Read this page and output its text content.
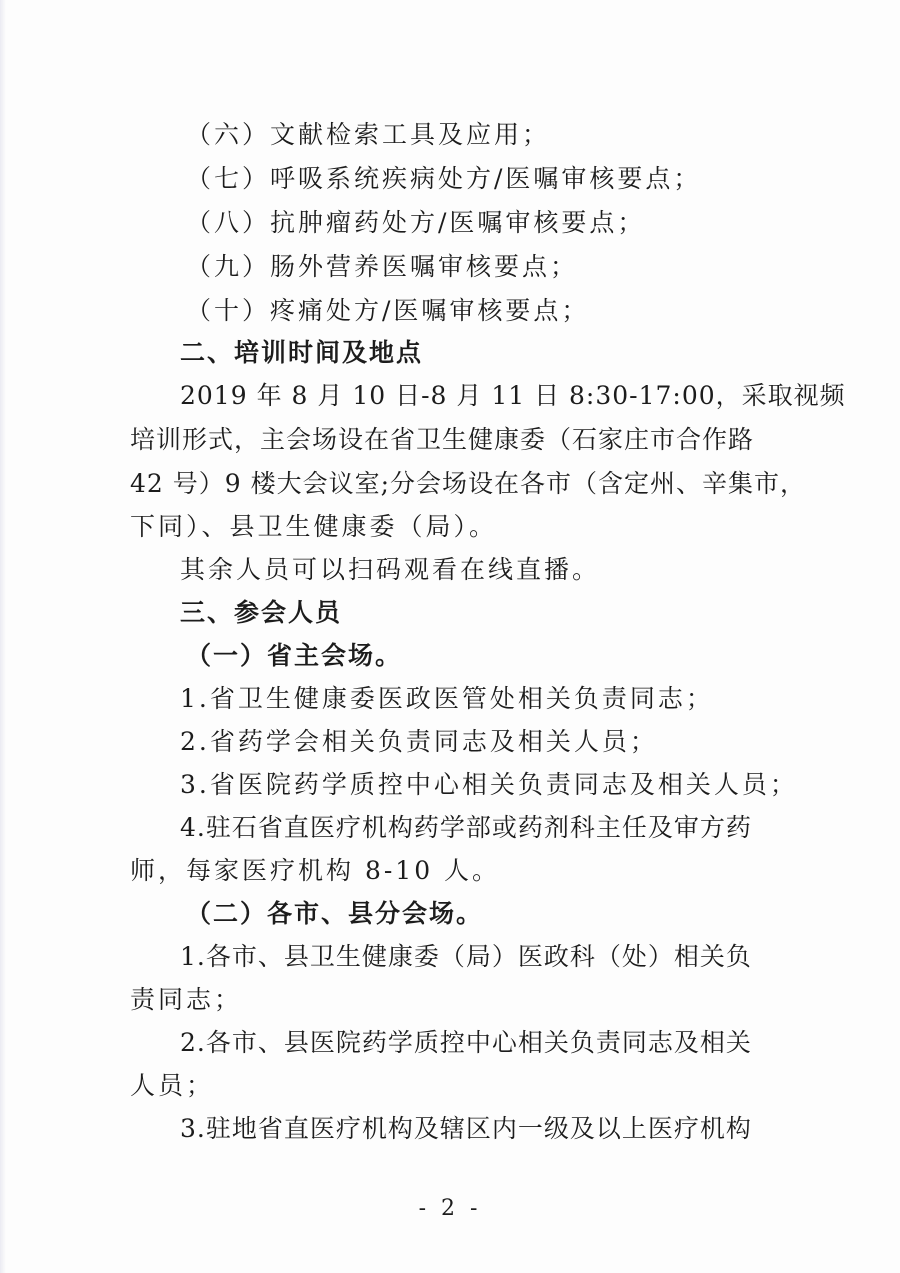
（六）文献检索工具及应用；
（七）呼吸系统疾病处方/医嘱审核要点；
（八）抗肿瘤药处方/医嘱审核要点；
（九）肠外营养医嘱审核要点；
（十）疼痛处方/医嘱审核要点；
二、培训时间及地点
2019 年 8 月 10 日-8 月 11 日 8:30-17:00，采取视频
培训形式，主会场设在省卫生健康委（石家庄市合作路
42 号）9 楼大会议室;分会场设在各市（含定州、辛集市，
下同）、县卫生健康委（局）。
其余人员可以扫码观看在线直播。
三、参会人员
（一）省主会场。
1.省卫生健康委医政医管处相关负责同志；
2.省药学会相关负责同志及相关人员；
3.省医院药学质控中心相关负责同志及相关人员；
4.驻石省直医疗机构药学部或药剂科主任及审方药
师，每家医疗机构 8-10 人。
（二）各市、县分会场。
1.各市、县卫生健康委（局）医政科（处）相关负
责同志；
2.各市、县医院药学质控中心相关负责同志及相关
人员；
3.驻地省直医疗机构及辖区内一级及以上医疗机构
- 2 -
